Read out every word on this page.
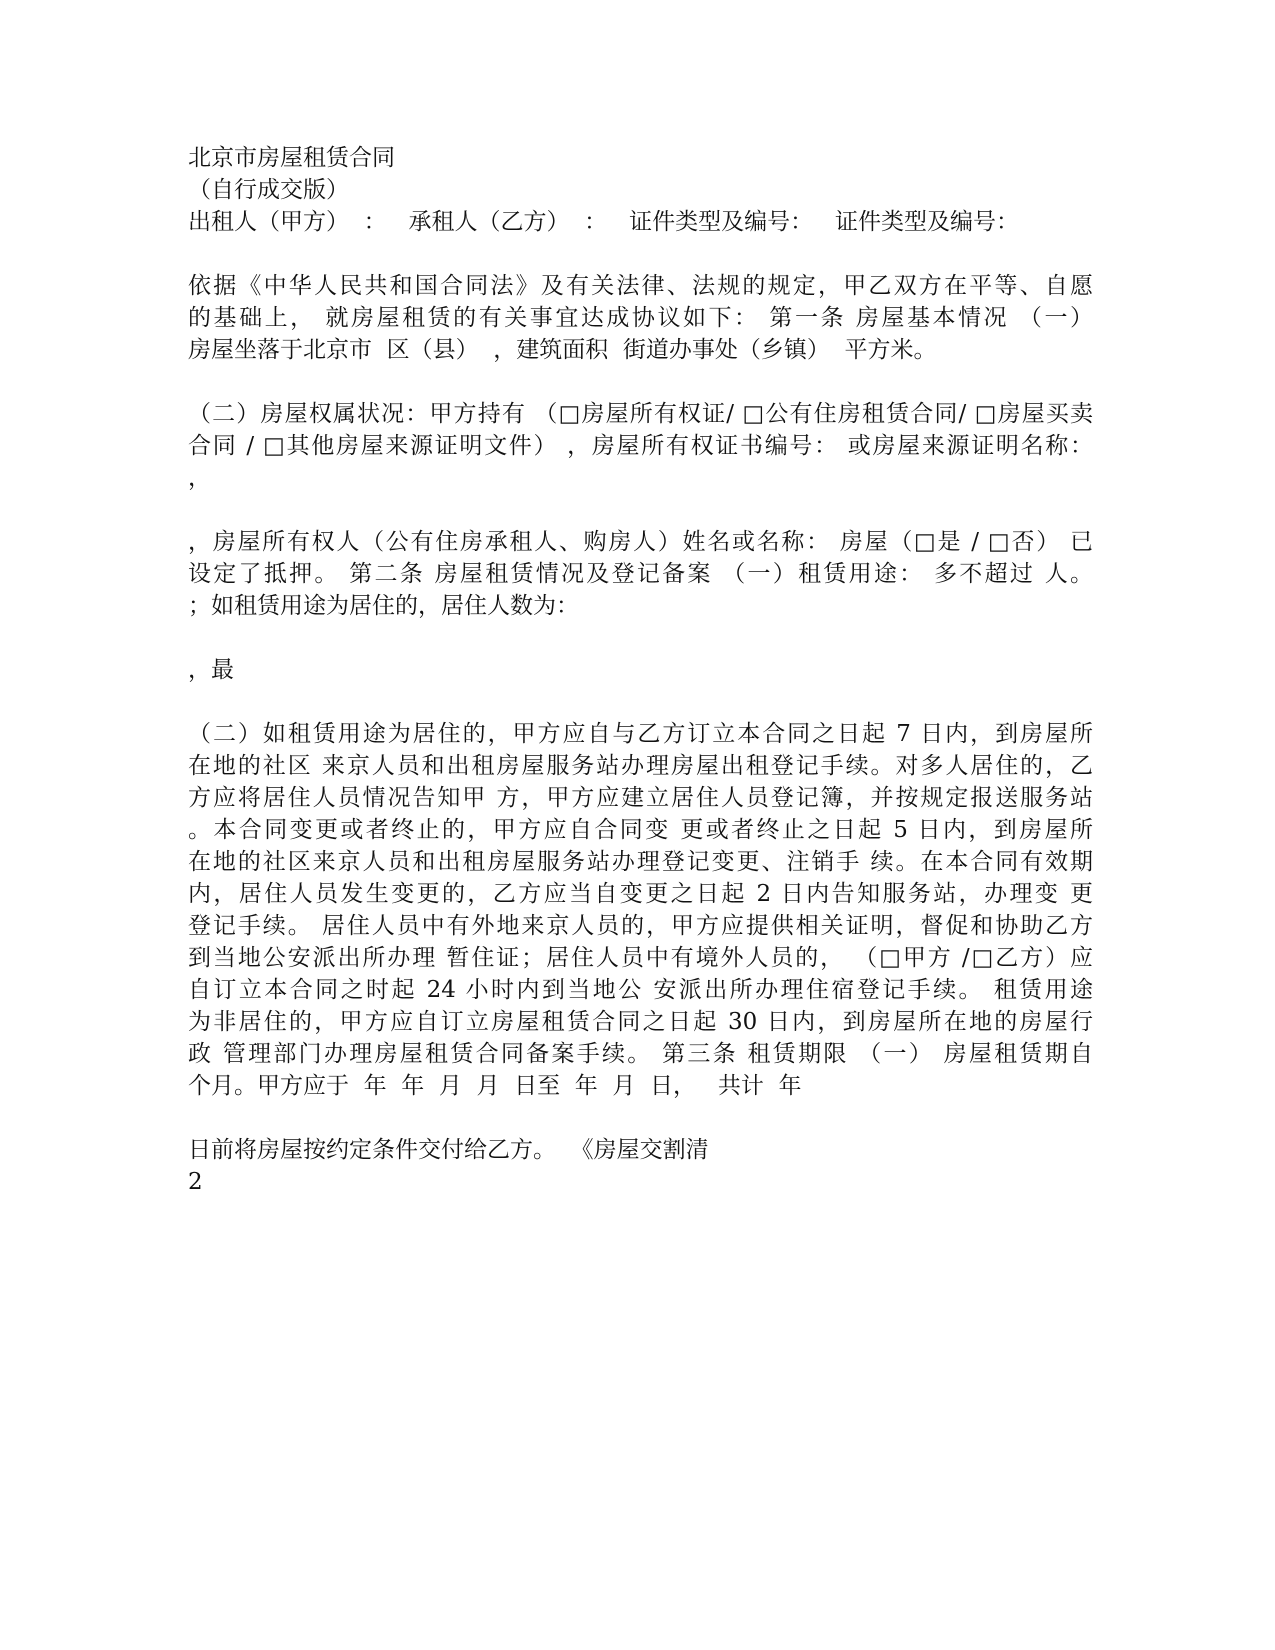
北京市房屋租赁合同
（自行成交版）
出租人（甲方）  ：   承租人（乙方）  ：   证件类型及编号：   证件类型及编号：
依据《中华人民共和国合同法》及有关法律、法规的规定，甲乙双方在平等、自愿
的基础上， 就房屋租赁的有关事宜达成协议如下： 第一条 房屋基本情况 （一）
房屋坐落于北京市  区（县）  ，建筑面积  街道办事处（乡镇）  平方米。
（二）房屋权属状况：甲方持有 （□房屋所有权证/ □公有住房租赁合同/ □房屋买卖
合同 / □其他房屋来源证明文件） ，房屋所有权证书编号： 或房屋来源证明名称：
，
，房屋所有权人（公有住房承租人、购房人）姓名或名称： 房屋（□是 / □否） 已
设定了抵押。 第二条 房屋租赁情况及登记备案 （一）租赁用途： 多不超过 人。
；如租赁用途为居住的，居住人数为：
，最
（二）如租赁用途为居住的，甲方应自与乙方订立本合同之日起 7 日内，到房屋所
在地的社区 来京人员和出租房屋服务站办理房屋出租登记手续。对多人居住的，乙
方应将居住人员情况告知甲 方，甲方应建立居住人员登记簿，并按规定报送服务站
。本合同变更或者终止的，甲方应自合同变 更或者终止之日起 5 日内，到房屋所
在地的社区来京人员和出租房屋服务站办理登记变更、注销手 续。在本合同有效期
内，居住人员发生变更的，乙方应当自变更之日起 2 日内告知服务站，办理变 更
登记手续。 居住人员中有外地来京人员的，甲方应提供相关证明，督促和协助乙方
到当地公安派出所办理 暂住证；居住人员中有境外人员的， （□甲方 /□乙方）应
自订立本合同之时起 24 小时内到当地公 安派出所办理住宿登记手续。 租赁用途
为非居住的，甲方应自订立房屋租赁合同之日起 30 日内，到房屋所在地的房屋行
政 管理部门办理房屋租赁合同备案手续。 第三条 租赁期限 （一） 房屋租赁期自
个月。甲方应于  年  年  月  月  日至  年  月  日，   共计  年
日前将房屋按约定条件交付给乙方。  《房屋交割清
2
